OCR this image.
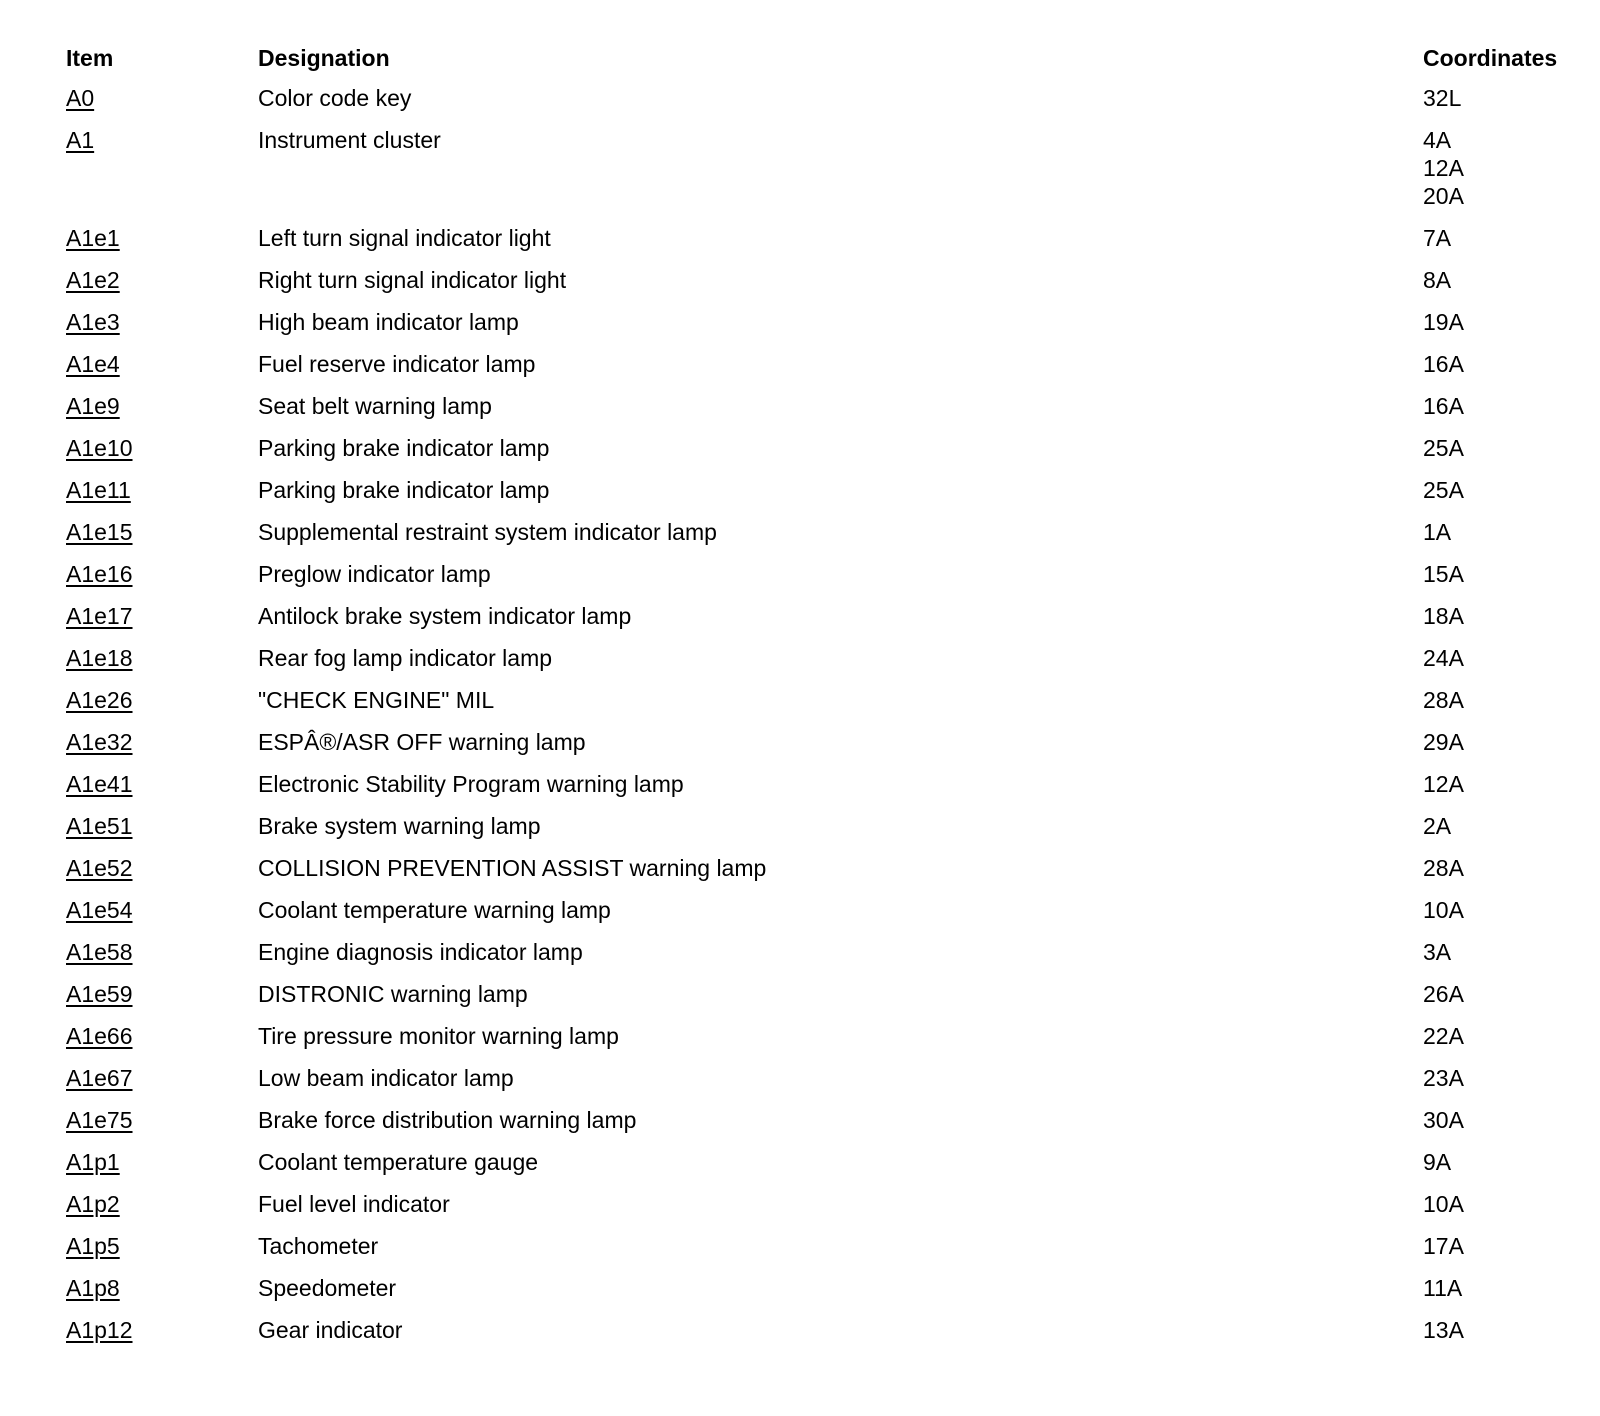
Item	Designation	Coordinates
A0	Color code key	32L

A1	Instrument cluster	4A
12A
20A

A1e1	Left turn signal indicator light	7A

A1e2	Right turn signal indicator light	8A

A1e3	High beam indicator lamp	19A

A1e4	Fuel reserve indicator lamp	16A

A1e9	Seat belt warning lamp	16A

A1e10	Parking brake indicator lamp	25A

A1e11	Parking brake indicator lamp	25A

A1e15	Supplemental restraint system indicator lamp	1A

A1e16	Preglow indicator lamp	15A

A1e17	Antilock brake system indicator lamp	18A

A1e18	Rear fog lamp indicator lamp	24A

A1e26	"CHECK ENGINE" MIL	28A

A1e32	ESPÂ®/ASR OFF warning lamp	29A

A1e41	Electronic Stability Program warning lamp	12A

A1e51	Brake system warning lamp	2A

A1e52	COLLISION PREVENTION ASSIST warning lamp	28A

A1e54	Coolant temperature warning lamp	10A

A1e58	Engine diagnosis indicator lamp	3A

A1e59	DISTRONIC warning lamp	26A

A1e66	Tire pressure monitor warning lamp	22A

A1e67	Low beam indicator lamp	23A

A1e75	Brake force distribution warning lamp	30A

A1p1	Coolant temperature gauge	9A

A1p2	Fuel level indicator	10A

A1p5	Tachometer	17A

A1p8	Speedometer	11A

A1p12	Gear indicator	13A
